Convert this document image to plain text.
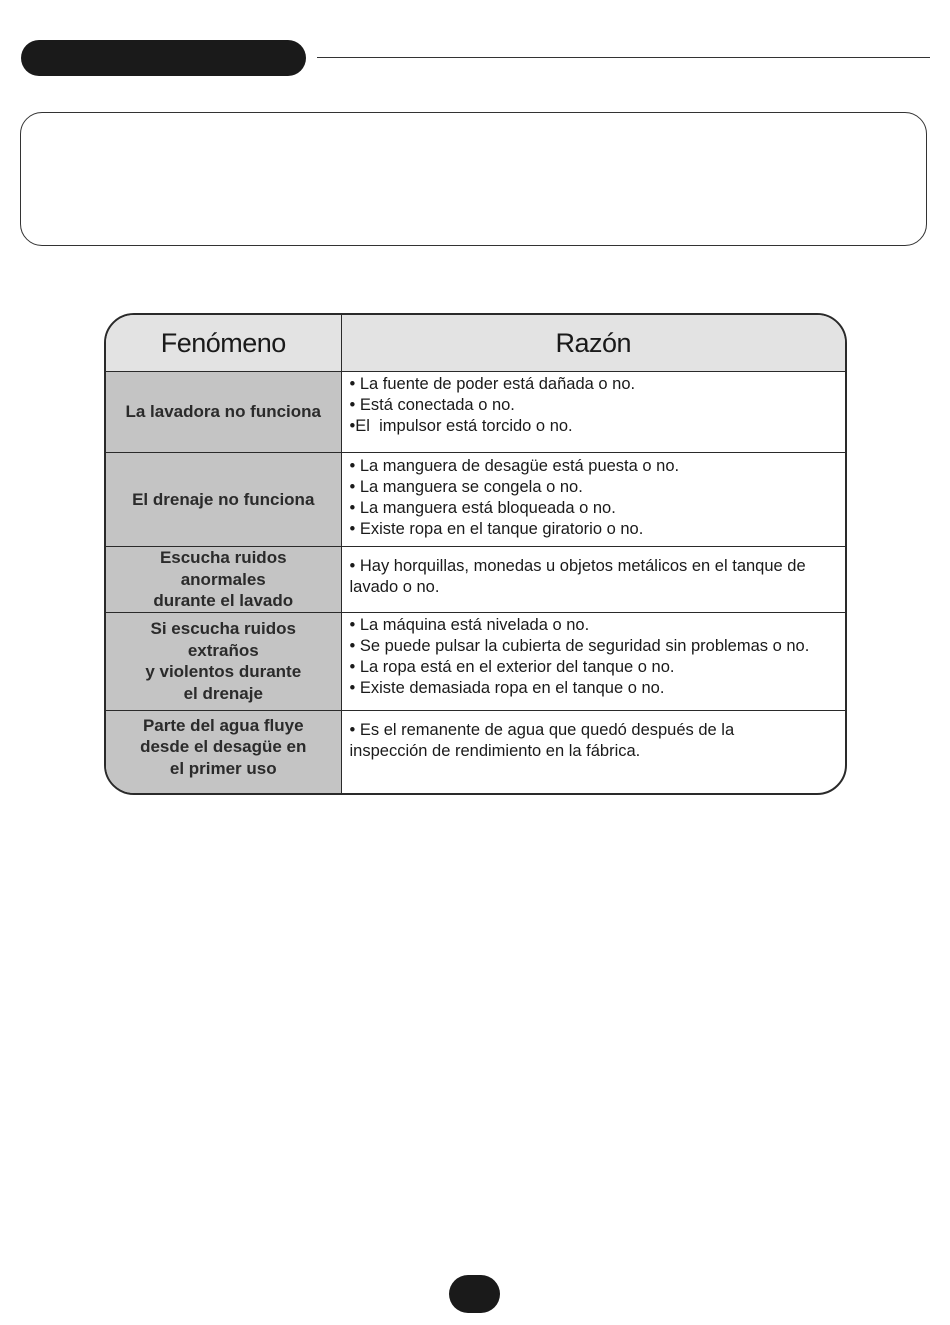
Fenómeno	Razón

La lavadora no funciona	• La fuente de poder está dañada o no.
• Está conectada o no.
•El  impulsor está torcido o no.

El drenaje no funciona	• La manguera de desagüe está puesta o no.
• La manguera se congela o no.
• La manguera está bloqueada o no.
• Existe ropa en el tanque giratorio o no.

Escucha ruidos anormales
durante el lavado	• Hay horquillas, monedas u objetos metálicos en el tanque de
lavado o no.

Si escucha ruidos extraños
y violentos durante
el drenaje	• La máquina está nivelada o no.
• Se puede pulsar la cubierta de seguridad sin problemas o no.
• La ropa está en el exterior del tanque o no.
• Existe demasiada ropa en el tanque o no.

Parte del agua fluye
desde el desagüe en
el primer uso	• Es el remanente de agua que quedó después de la
inspección de rendimiento en la fábrica.
